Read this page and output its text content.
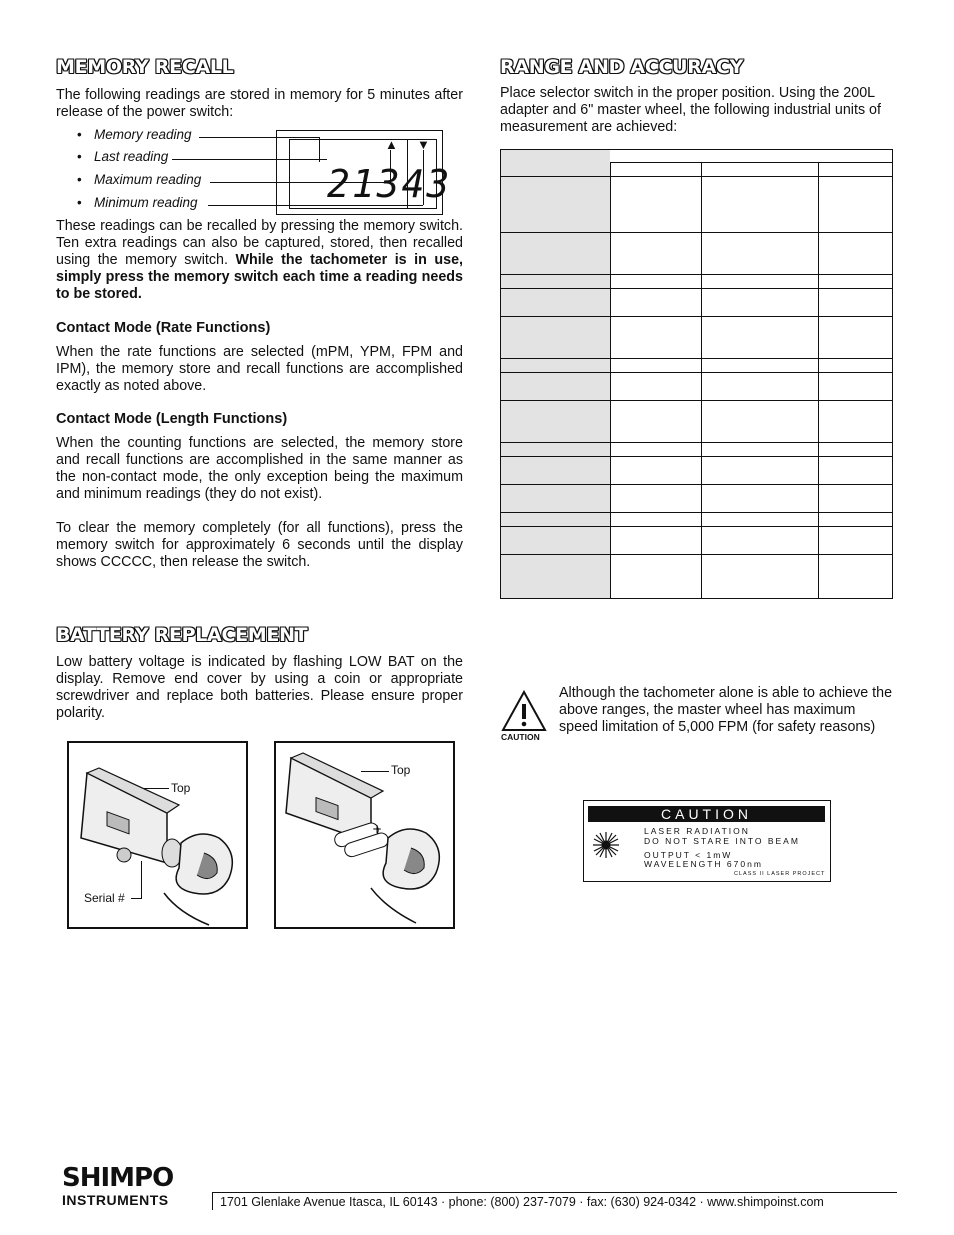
MEMORY RECALL
The following readings are stored in memory for 5 minutes after release of the power switch:
• Memory reading
• Last reading
• Maximum reading
• Minimum reading
▲ ▼
21343
These readings can be recalled by pressing the memory switch. Ten extra readings can also be captured, stored, then recalled using the memory switch. While the tachometer is in use, simply press the memory switch each time a reading needs to be stored.
Contact Mode (Rate Functions)
When the rate functions are selected (mPM, YPM, FPM and IPM), the memory store and recall functions are accomplished exactly as noted above.
Contact Mode (Length Functions)
When the counting functions are selected, the memory store and recall functions are accomplished in the same manner as the non-contact mode, the only exception being the maximum and minimum readings (they do not exist).
To clear the memory completely (for all functions), press the memory switch for approximately 6 seconds until the display shows CCCCC, then release the switch.
BATTERY REPLACEMENT
Low battery voltage is indicated by flashing LOW BAT on the display. Remove end cover by using a coin or appropriate screwdriver and replace both batteries. Please ensure proper polarity.
Top
Serial #
+
Top
RANGE AND ACCURACY
Place selector switch in the proper position. Using the 200L adapter and 6" master wheel, the following industrial units of measurement are achieved:
CAUTION
Although the tachometer alone is able to achieve the above ranges, the master wheel has maximum speed limitation of 5,000 FPM (for safety reasons)
CAUTION
LASER RADIATION
DO NOT STARE INTO BEAM
OUTPUT < 1mW
WAVELENGTH 670nm
CLASS II LASER PROJECT
SHIMPO
INSTRUMENTS	1701 Glenlake Avenue Itasca, IL 60143 · phone: (800) 237-7079 · fax: (630) 924-0342 · www.shimpoinst.com
